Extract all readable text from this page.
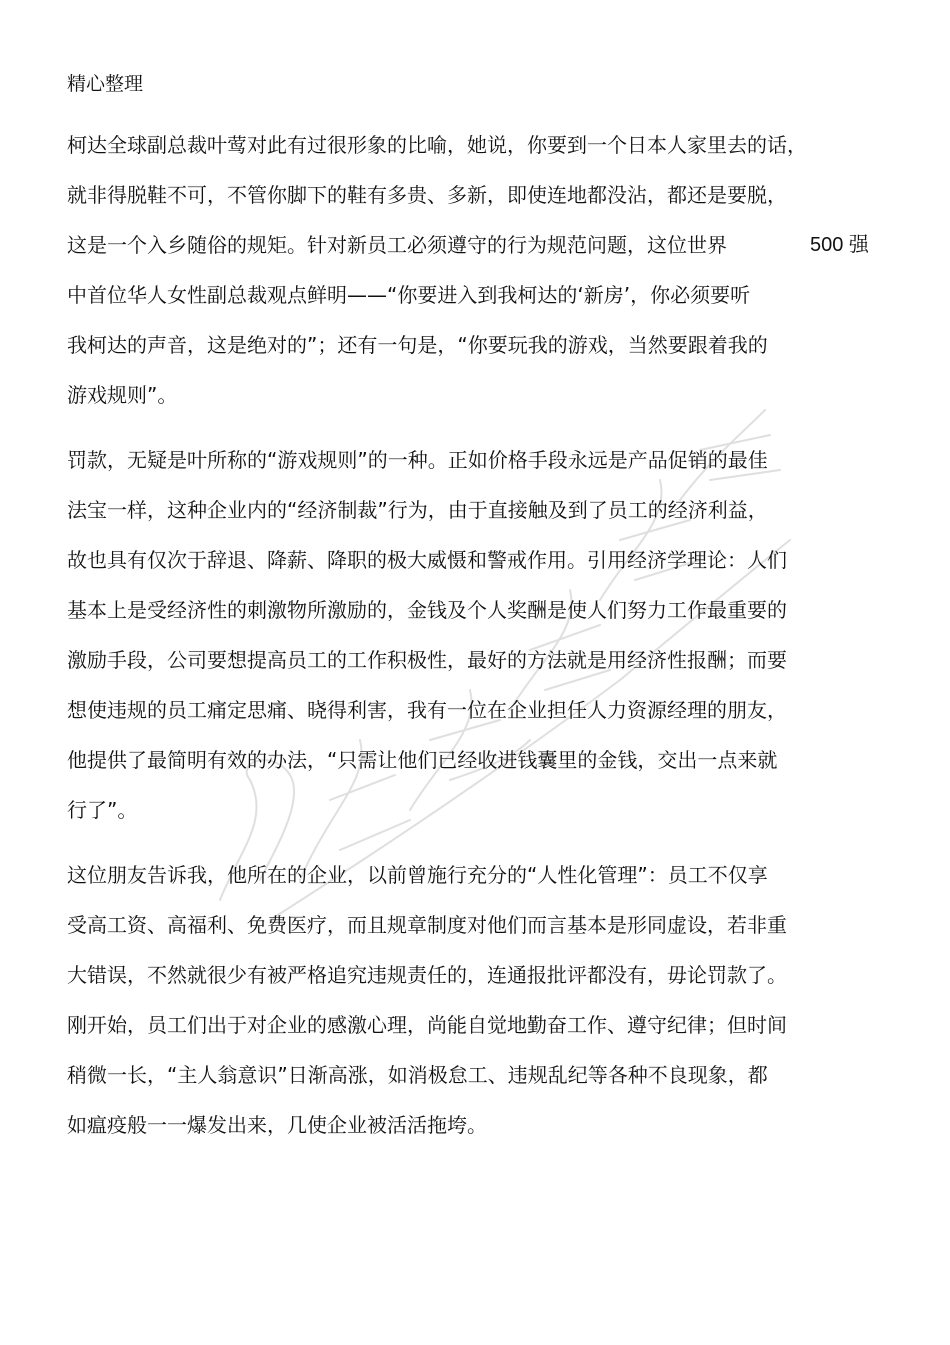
精心整理
柯达全球副总裁叶莺对此有过很形象的比喻，她说，你要到一个日本人家里去的话，
就非得脱鞋不可，不管你脚下的鞋有多贵、多新，即使连地都没沾，都还是要脱，
这是一个入乡随俗的规矩。针对新员工必须遵守的行为规范问题，这位世界	500 强
中首位华人女性副总裁观点鲜明——“你要进入到我柯达的‘新房’，你必须要听
我柯达的声音，这是绝对的”；还有一句是，“你要玩我的游戏，当然要跟着我的
游戏规则”。
罚款，无疑是叶所称的“游戏规则”的一种。正如价格手段永远是产品促销的最佳
法宝一样，这种企业内的“经济制裁”行为，由于直接触及到了员工的经济利益，
故也具有仅次于辞退、降薪、降职的极大威慑和警戒作用。引用经济学理论：人们
基本上是受经济性的刺激物所激励的，金钱及个人奖酬是使人们努力工作最重要的
激励手段，公司要想提高员工的工作积极性，最好的方法就是用经济性报酬；而要
想使违规的员工痛定思痛、晓得利害，我有一位在企业担任人力资源经理的朋友，
他提供了最简明有效的办法，“只需让他们已经收进钱囊里的金钱，交出一点来就
行了”。
这位朋友告诉我，他所在的企业，以前曾施行充分的“人性化管理”：员工不仅享
受高工资、高福利、免费医疗，而且规章制度对他们而言基本是形同虚设，若非重
大错误，不然就很少有被严格追究违规责任的，连通报批评都没有，毋论罚款了。
刚开始，员工们出于对企业的感激心理，尚能自觉地勤奋工作、遵守纪律；但时间
稍微一长，“主人翁意识”日渐高涨，如消极怠工、违规乱纪等各种不良现象，都
如瘟疫般一一爆发出来，几使企业被活活拖垮。
